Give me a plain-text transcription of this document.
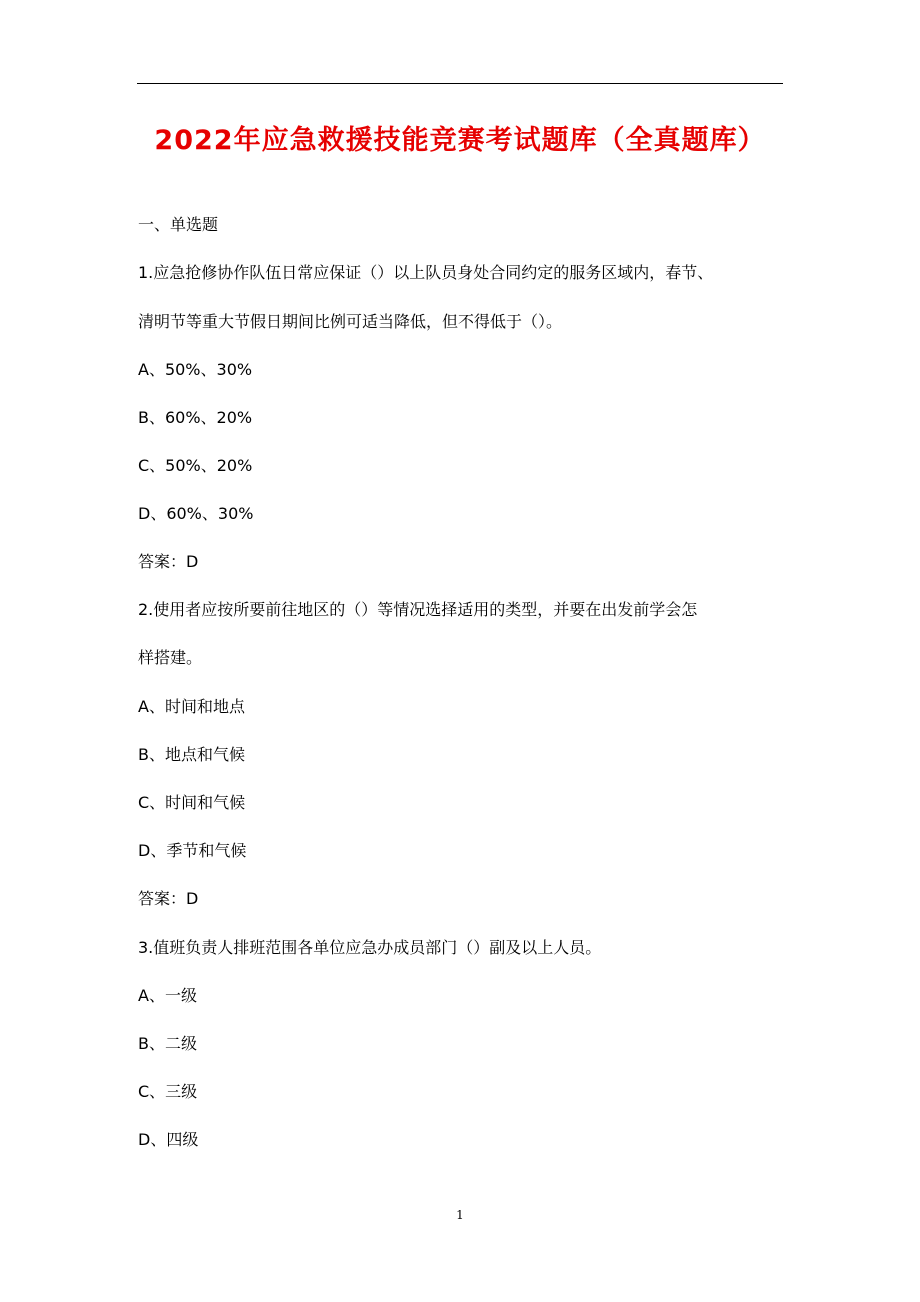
2022年应急救援技能竞赛考试题库（全真题库）
一、单选题
1.应急抢修协作队伍日常应保证（）以上队员身处合同约定的服务区域内，春节、
清明节等重大节假日期间比例可适当降低，但不得低于（）。
A、50%、30%
B、60%、20%
C、50%、20%
D、60%、30%
答案：D
2.使用者应按所要前往地区的（）等情况选择适用的类型，并要在出发前学会怎
样搭建。
A、时间和地点
B、地点和气候
C、时间和气候
D、季节和气候
答案：D
3.值班负责人排班范围各单位应急办成员部门（）副及以上人员。
A、一级
B、二级
C、三级
D、四级
1
